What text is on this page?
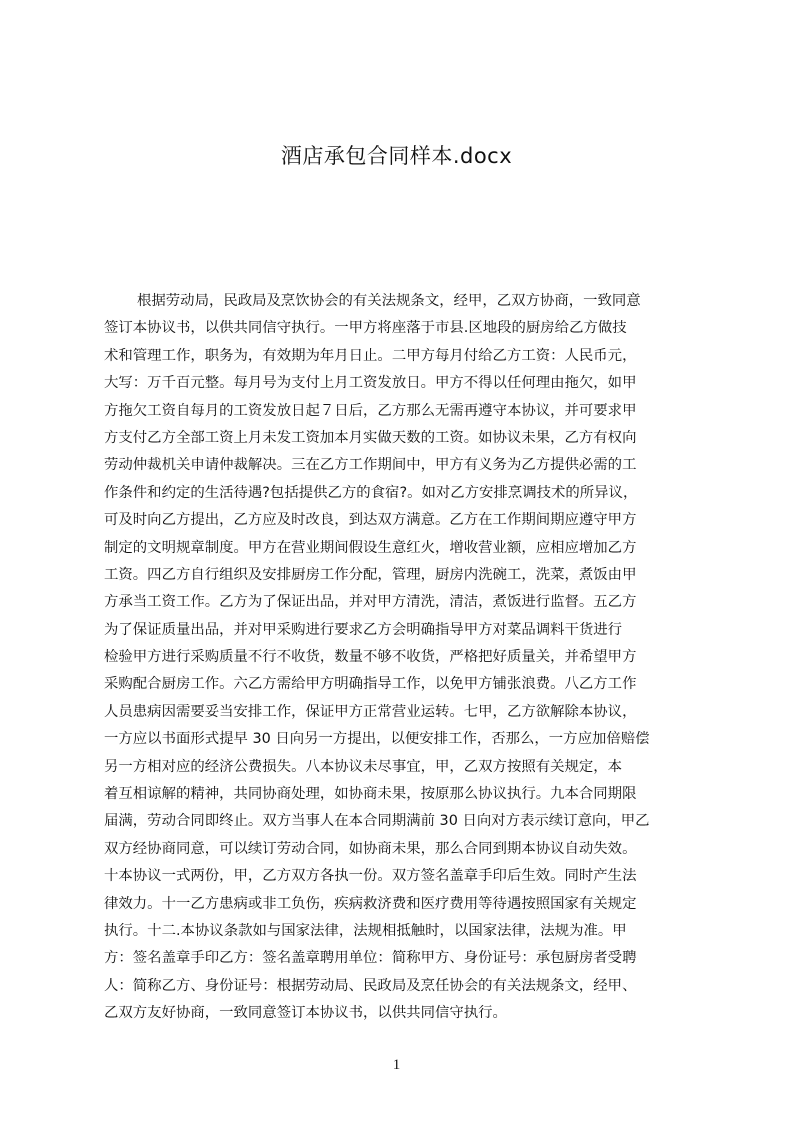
酒店承包合同样本.docx
根据劳动局，民政局及烹饮协会的有关法规条文，经甲，乙双方协商，一致同意
签订本协议书，以供共同信守执行。一甲方将座落于市县.区地段的厨房给乙方做技
术和管理工作，职务为，有效期为年月日止。二甲方每月付给乙方工资：人民币元，
大写：万千百元整。每月号为支付上月工资发放日。甲方不得以任何理由拖欠，如甲
方拖欠工资自每月的工资发放日起７日后，乙方那么无需再遵守本协议，并可要求甲
方支付乙方全部工资上月未发工资加本月实做天数的工资。如协议未果，乙方有权向
劳动仲裁机关申请仲裁解决。三在乙方工作期间中，甲方有义务为乙方提供必需的工
作条件和约定的生活待遇?包括提供乙方的食宿?。如对乙方安排烹调技术的所异议，
可及时向乙方提出，乙方应及时改良，到达双方满意。乙方在工作期间期应遵守甲方
制定的文明规章制度。甲方在营业期间假设生意红火，增收营业额，应相应增加乙方
工资。四乙方自行组织及安排厨房工作分配，管理，厨房内洗碗工，洗菜，煮饭由甲
方承当工资工作。乙方为了保证出品，并对甲方清洗，清洁，煮饭进行监督。五乙方
为了保证质量出品，并对甲采购进行要求乙方会明确指导甲方对菜品调料干货进行
检验甲方进行采购质量不行不收货，数量不够不收货，严格把好质量关，并希望甲方
采购配合厨房工作。六乙方需给甲方明确指导工作，以免甲方铺张浪费。八乙方工作
人员患病因需要妥当安排工作，保证甲方正常营业运转。七甲，乙方欲解除本协议，
一方应以书面形式提早 30 日向另一方提出，以便安排工作，否那么，一方应加倍赔偿
另一方相对应的经济公费损失。八本协议未尽事宜，甲，乙双方按照有关规定，本
着互相谅解的精神，共同协商处理，如协商未果，按原那么协议执行。九本合同期限
届满，劳动合同即终止。双方当事人在本合同期满前 30 日向对方表示续订意向，甲乙
双方经协商同意，可以续订劳动合同，如协商未果，那么合同到期本协议自动失效。
十本协议一式两份，甲，乙方双方各执一份。双方签名盖章手印后生效。同时产生法
律效力。十一乙方患病或非工负伤，疾病救济费和医疗费用等待遇按照国家有关规定
执行。十二.本协议条款如与国家法律，法规相抵触时，以国家法律，法规为准。甲
方：签名盖章手印乙方：签名盖章聘用单位：简称甲方、身份证号：承包厨房者受聘
人：简称乙方、身份证号：根据劳动局、民政局及烹任协会的有关法规条文，经甲、
乙双方友好协商，一致同意签订本协议书，以供共同信守执行。
1
